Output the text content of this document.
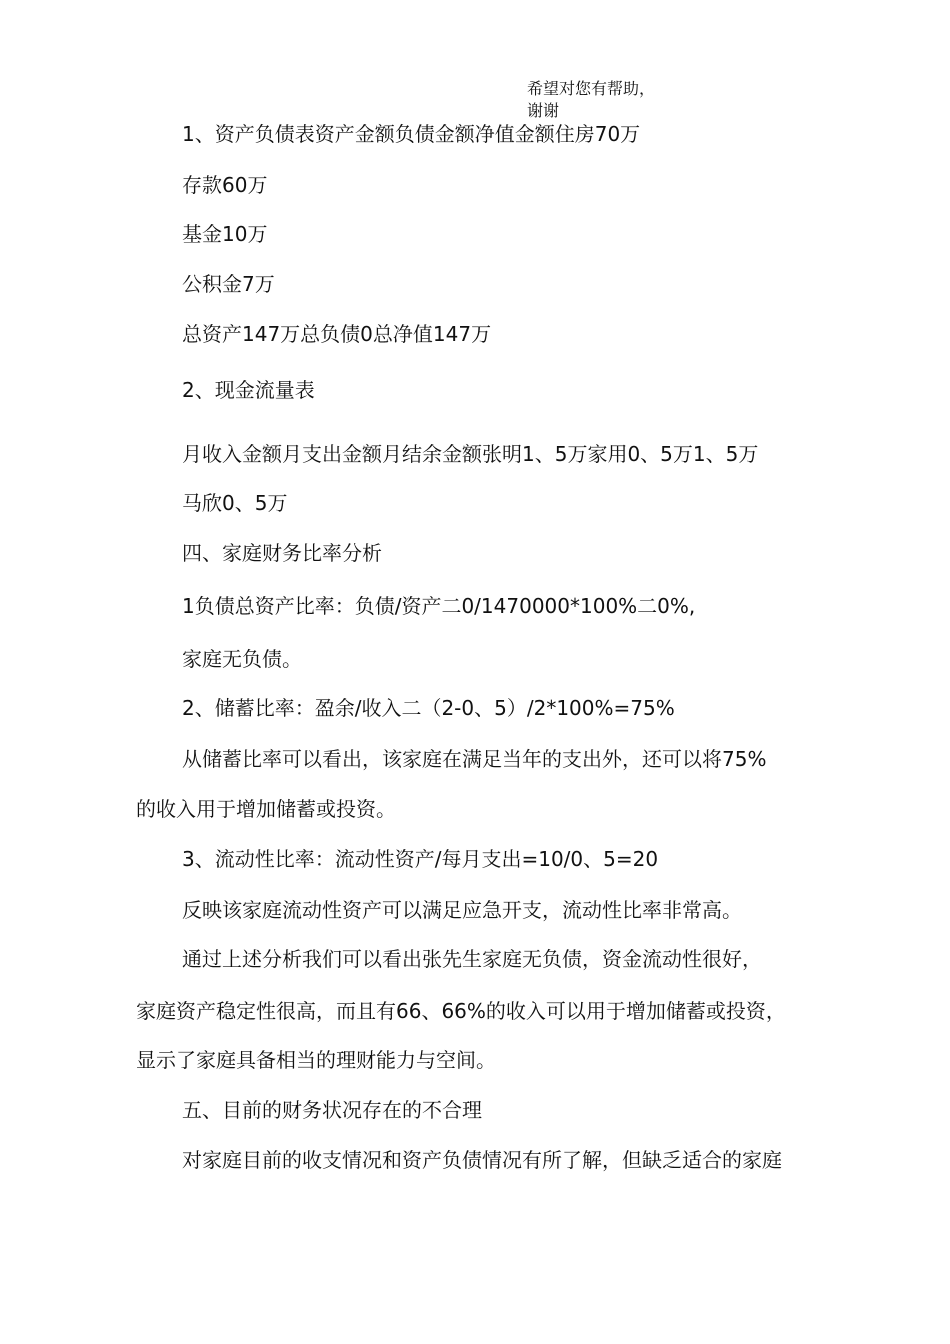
希望对您有帮助，
谢谢
1、资产负债表资产金额负债金额净值金额住房70万
存款60万
基金10万
公积金7万
总资产147万总负债0总净值147万
2、现金流量表
月收入金额月支出金额月结余金额张明1、5万家用0、5万1、5万
马欣0、5万
四、家庭财务比率分析
1负债总资产比率：负债/资产二0/1470000*100%二0%,
家庭无负债。
2、储蓄比率：盈余/收入二（2-0、5）/2*100%=75%
从储蓄比率可以看出，该家庭在满足当年的支出外，还可以将75%
的收入用于增加储蓄或投资。
3、流动性比率：流动性资产/每月支出=10/0、5=20
反映该家庭流动性资产可以满足应急开支，流动性比率非常高。
通过上述分析我们可以看出张先生家庭无负债，资金流动性很好，
家庭资产稳定性很高，而且有66、66%的收入可以用于增加储蓄或投资，
显示了家庭具备相当的理财能力与空间。
五、目前的财务状况存在的不合理
对家庭目前的收支情况和资产负债情况有所了解，但缺乏适合的家庭
